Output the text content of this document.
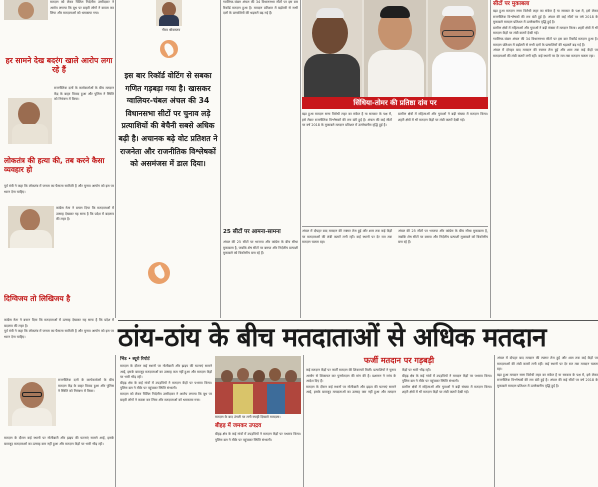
मतदान को लेकर चिंतित निर्दलीय उम्मीदवार ने आरोप लगाया कि बूथ पर बाहरी लोगों ने कब्जा कर लिया और मतदाताओं को धमकाया गया।
हर सामने देख बदरंग खाले आरोप लगा रहे हैं
राजनीतिक दलों के कार्यकर्ताओं के बीच मतदान केंद्र के बाहर विवाद हुआ और पुलिस ने स्थिति को नियंत्रण में किया।
लोकतंत्र की हत्या की, तब करने कैसा व्यवहार हो
पूर्व मंत्री ने कहा कि लोकतंत्र में जनता का फैसला सर्वोपरि है और चुनाव आयोग को इस पर ध्यान देना चाहिए।
कांग्रेस नेता ने बयान दिया कि मतदाताओं में उत्साह देखकर यह साफ है कि प्रदेश में बदलाव की लहर है।
दिग्विजय तो लिखिजय है
गौरव श्रीवास्तव
इस बार रिकॉर्ड वोटिंग से सबका गणित गड़बड़ा गया है। खासकर ग्वालियर-चंबल अंचल की 34 विधानसभा सीटों पर चुनाव लड़े प्रत्याशियों की बेचैनी सबसे अधिक बढ़ी है। अचानक बढ़े वोट प्रतिशत ने राजनेता और राजनीतिक विश्लेषकों को असमंजस में डाल दिया।
ग्वालियर-चंबल अंचल की 34 विधानसभा सीटों पर इस बार रिकॉर्ड मतदान हुआ है। मतदान प्रतिशत में बढ़ोतरी से सभी दलों के प्रत्याशियों की धड़कनें बढ़ गई हैं।
25 सीटों पर आमना-सामना
अंचल की 25 सीटों पर भाजपा और कांग्रेस के बीच सीधा मुकाबला है, जबकि शेष सीटों पर बसपा और निर्दलीय प्रत्याशी मुकाबले को त्रिकोणीय बना रहे हैं।
सिंधिया-तोमर की प्रतिष्ठा दांव पर

बढ़ा हुआ मतदान सत्ता विरोधी लहर का संकेत है या सरकार के पक्ष में, इसे लेकर राजनीतिक विश्लेषकों की राय बंटी हुई है। अंचल की कई सीटों पर वर्ष 2018 के मुकाबले मतदान प्रतिशत में उल्लेखनीय वृद्धि हुई है।

ग्रामीण क्षेत्रों में महिलाओं और युवाओं ने बड़ी संख्या में मतदान किया। शहरी क्षेत्रों में भी मतदान केंद्रों पर लंबी कतारें देखी गईं।

अंचल में दोपहर बाद मतदान की रफ्तार तेज हुई और शाम तक कई केंद्रों पर मतदाताओं की लंबी कतारें लगी रहीं। कई स्थानों पर देर रात तक मतदान चलता रहा।

अंचल की 25 सीटों पर भाजपा और कांग्रेस के बीच सीधा मुकाबला है, जबकि शेष सीटों पर बसपा और निर्दलीय प्रत्याशी मुकाबले को त्रिकोणीय बना रहे हैं।

सीटों पर मुकाबला

बढ़ा हुआ मतदान सत्ता विरोधी लहर का संकेत है या सरकार के पक्ष में, इसे लेकर राजनीतिक विश्लेषकों की राय बंटी हुई है। अंचल की कई सीटों पर वर्ष 2018 के मुकाबले मतदान प्रतिशत में उल्लेखनीय वृद्धि हुई है।

ग्रामीण क्षेत्रों में महिलाओं और युवाओं ने बड़ी संख्या में मतदान किया। शहरी क्षेत्रों में भी मतदान केंद्रों पर लंबी कतारें देखी गईं।

ग्वालियर-चंबल अंचल की 34 विधानसभा सीटों पर इस बार रिकॉर्ड मतदान हुआ है। मतदान प्रतिशत में बढ़ोतरी से सभी दलों के प्रत्याशियों की धड़कनें बढ़ गई हैं।

अंचल में दोपहर बाद मतदान की रफ्तार तेज हुई और शाम तक कई केंद्रों पर मतदाताओं की लंबी कतारें लगी रहीं। कई स्थानों पर देर रात तक मतदान चलता रहा।

ठांय-ठांय के बीच मतदाताओं से अधिक मतदान

कांग्रेस नेता ने बयान दिया कि मतदाताओं में उत्साह देखकर यह साफ है कि प्रदेश में बदलाव की लहर है।

पूर्व मंत्री ने कहा कि लोकतंत्र में जनता का फैसला सर्वोपरि है और चुनाव आयोग को इस पर ध्यान देना चाहिए।

राजनीतिक दलों के कार्यकर्ताओं के बीच मतदान केंद्र के बाहर विवाद हुआ और पुलिस ने स्थिति को नियंत्रण में किया।

मतदान के दौरान कई स्थानों पर गोलीबारी और झड़प की घटनाएं सामने आईं, इसके बावजूद मतदाताओं का उत्साह कम नहीं हुआ और मतदान केंद्रों पर भारी भीड़ रही।

भिंड • ब्यूरो रिपोर्ट

मतदान के दौरान कई स्थानों पर गोलीबारी और झड़प की घटनाएं सामने आईं, इसके बावजूद मतदाताओं का उत्साह कम नहीं हुआ और मतदान केंद्रों पर भारी भीड़ रही।

बीहड़ क्षेत्र के कई गांवों में उपद्रवियों ने मतदान केंद्रों पर पथराव किया। पुलिस बल ने मौके पर पहुंचकर स्थिति संभाली।

मतदान को लेकर चिंतित निर्दलीय उम्मीदवार ने आरोप लगाया कि बूथ पर बाहरी लोगों ने कब्जा कर लिया और मतदाताओं को धमकाया गया।

मतदान के बाद उंगली पर लगी स्याही दिखाते मतदाता।
बीहड़ में जमकर उपद्रव
बीहड़ क्षेत्र के कई गांवों में उपद्रवियों ने मतदान केंद्रों पर पथराव किया। पुलिस बल ने मौके पर पहुंचकर स्थिति संभाली।
फर्जी मतदान पर गड़बड़ी

कई मतदान केंद्रों पर फर्जी मतदान की शिकायतें मिलीं। प्रत्याशियों ने चुनाव आयोग से शिकायत कर पुनर्मतदान की मांग की है। प्रशासन ने जांच के आदेश दिए हैं।

मतदान के दौरान कई स्थानों पर गोलीबारी और झड़प की घटनाएं सामने आईं, इसके बावजूद मतदाताओं का उत्साह कम नहीं हुआ और मतदान केंद्रों पर भारी भीड़ रही।

बीहड़ क्षेत्र के कई गांवों में उपद्रवियों ने मतदान केंद्रों पर पथराव किया। पुलिस बल ने मौके पर पहुंचकर स्थिति संभाली।

ग्रामीण क्षेत्रों में महिलाओं और युवाओं ने बड़ी संख्या में मतदान किया। शहरी क्षेत्रों में भी मतदान केंद्रों पर लंबी कतारें देखी गईं।

अंचल में दोपहर बाद मतदान की रफ्तार तेज हुई और शाम तक कई केंद्रों पर मतदाताओं की लंबी कतारें लगी रहीं। कई स्थानों पर देर रात तक मतदान चलता रहा।

बढ़ा हुआ मतदान सत्ता विरोधी लहर का संकेत है या सरकार के पक्ष में, इसे लेकर राजनीतिक विश्लेषकों की राय बंटी हुई है। अंचल की कई सीटों पर वर्ष 2018 के मुकाबले मतदान प्रतिशत में उल्लेखनीय वृद्धि हुई है।
